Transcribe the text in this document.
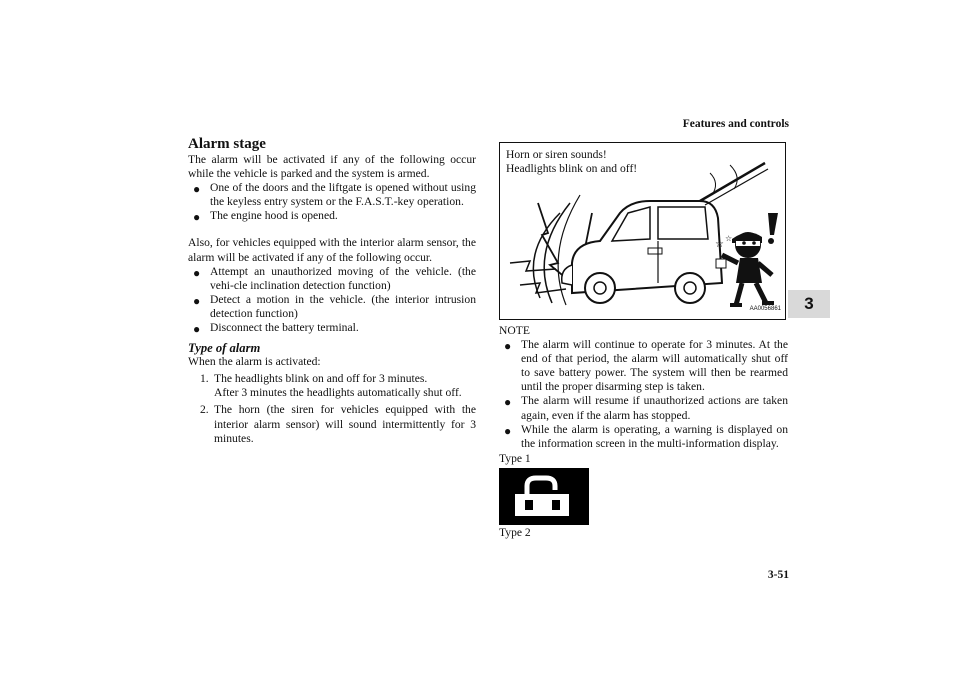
Features and controls
3
3-51
Alarm stage

The alarm will be activated if any of the following occur while the vehicle is parked and the system is armed.

● One of the doors and the liftgate is opened without using the keyless entry system or the F.A.S.T.-key operation.
● The engine hood is opened.

Also, for vehicles equipped with the interior alarm sensor, the alarm will be activated if any of the following occur.

● Attempt an unauthorized moving of the vehicle. (the vehi-cle inclination detection function)
● Detect a motion in the vehicle. (the interior intrusion detection function)
● Disconnect the battery terminal.
Type of alarm

When the alarm is activated:

1. The headlights blink on and off for 3 minutes.
After 3 minutes the headlights automatically shut off.
2. The horn (the siren for vehicles equipped with the interior alarm sensor) will sound intermittently for 3 minutes.
☆
☆
Horn or siren sounds!
Headlights blink on and off!
AA0056861
NOTE
● The alarm will continue to operate for 3 minutes. At the end of that period, the alarm will automatically shut off to save battery power. The system will then be rearmed until the proper disarming step is taken.
● The alarm will resume if unauthorized actions are taken again, even if the alarm has stopped.
● While the alarm is operating, a warning is displayed on the information screen in the multi-information display.
Type 1
Type 2
